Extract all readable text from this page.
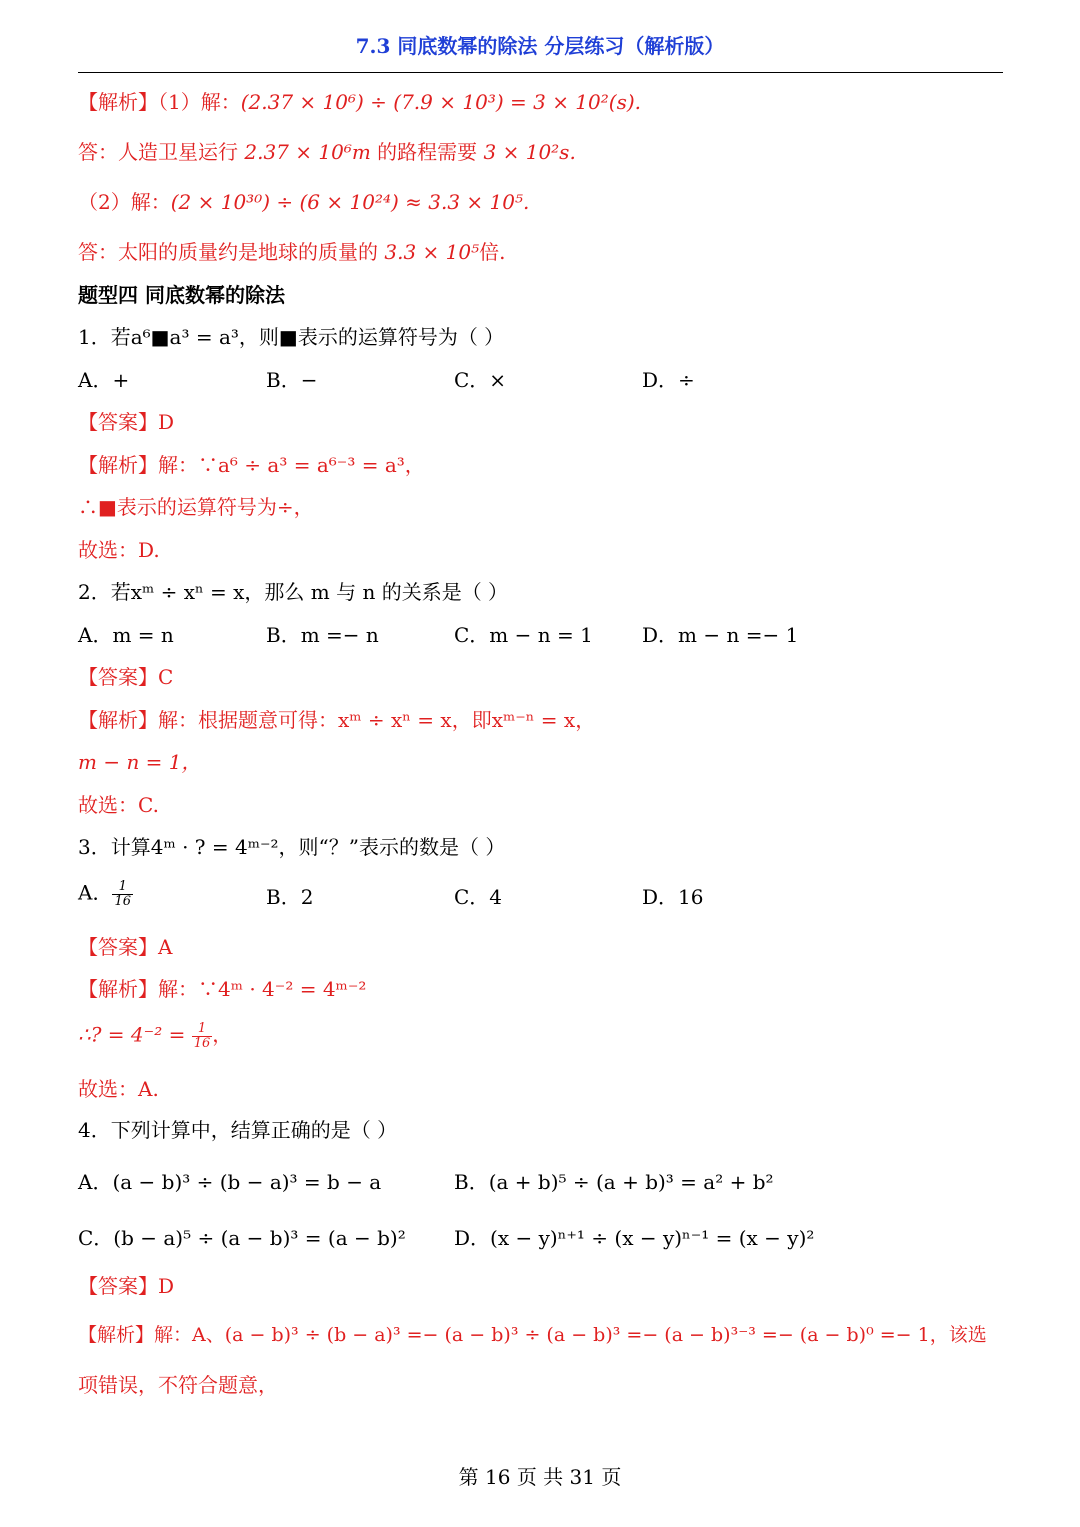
7.3 同底数幂的除法 分层练习（解析版）
【解析】（1）解：(2.37 × 10⁶) ÷ (7.9 × 10³) = 3 × 10²(s).
答：人造卫星运行 2.37 × 10⁶m 的路程需要 3 × 10²s.
（2）解：(2 × 10³⁰) ÷ (6 × 10²⁴) ≈ 3.3 × 10⁵.
答：太阳的质量约是地球的质量的 3.3 × 10⁵倍.
题型四 同底数幂的除法
1．若a⁶■a³ = a³，则■表示的运算符号为（ ）
A．+	B．−	C．×	D．÷
【答案】D
【解析】解：∵a⁶ ÷ a³ = a⁶⁻³ = a³，
∴■表示的运算符号为÷，
故选：D.
2．若xᵐ ÷ xⁿ = x，那么 m 与 n 的关系是（ ）
A．m = n	B．m =− n	C．m − n = 1 D．m − n =− 1
【答案】C
【解析】解：根据题意可得：xᵐ ÷ xⁿ = x，即xᵐ⁻ⁿ = x，
m − n = 1，
故选：C.
3．计算4ᵐ · ? = 4ᵐ⁻²，则“？”表示的数是（ ）
A． $\frac{1}{16}$	B．2	C．4	D．16
【答案】A
【解析】解：∵4ᵐ · 4⁻² = 4ᵐ⁻²
∴? = $4^{-2} = \frac{1}{16}$ ，
故选：A.
4．下列计算中，结算正确的是（ ）
A．(a − b)³ ÷ (b − a)³ = b − a	B．(a + b)⁵ ÷ (a + b)³ = a² + b²
C．(b − a)⁵ ÷ (a − b)³ = (a − b)² D．(x − y)ⁿ⁺¹ ÷ (x − y)ⁿ⁻¹ = (x − y)²
【答案】D
【解析】解：A、(a − b)³ ÷ (b − a)³ =− (a − b)³ ÷ (a − b)³ =− (a − b)³⁻³ =− (a − b)⁰ =− 1，该选
项错误，不符合题意，
第 16 页 共 31 页
